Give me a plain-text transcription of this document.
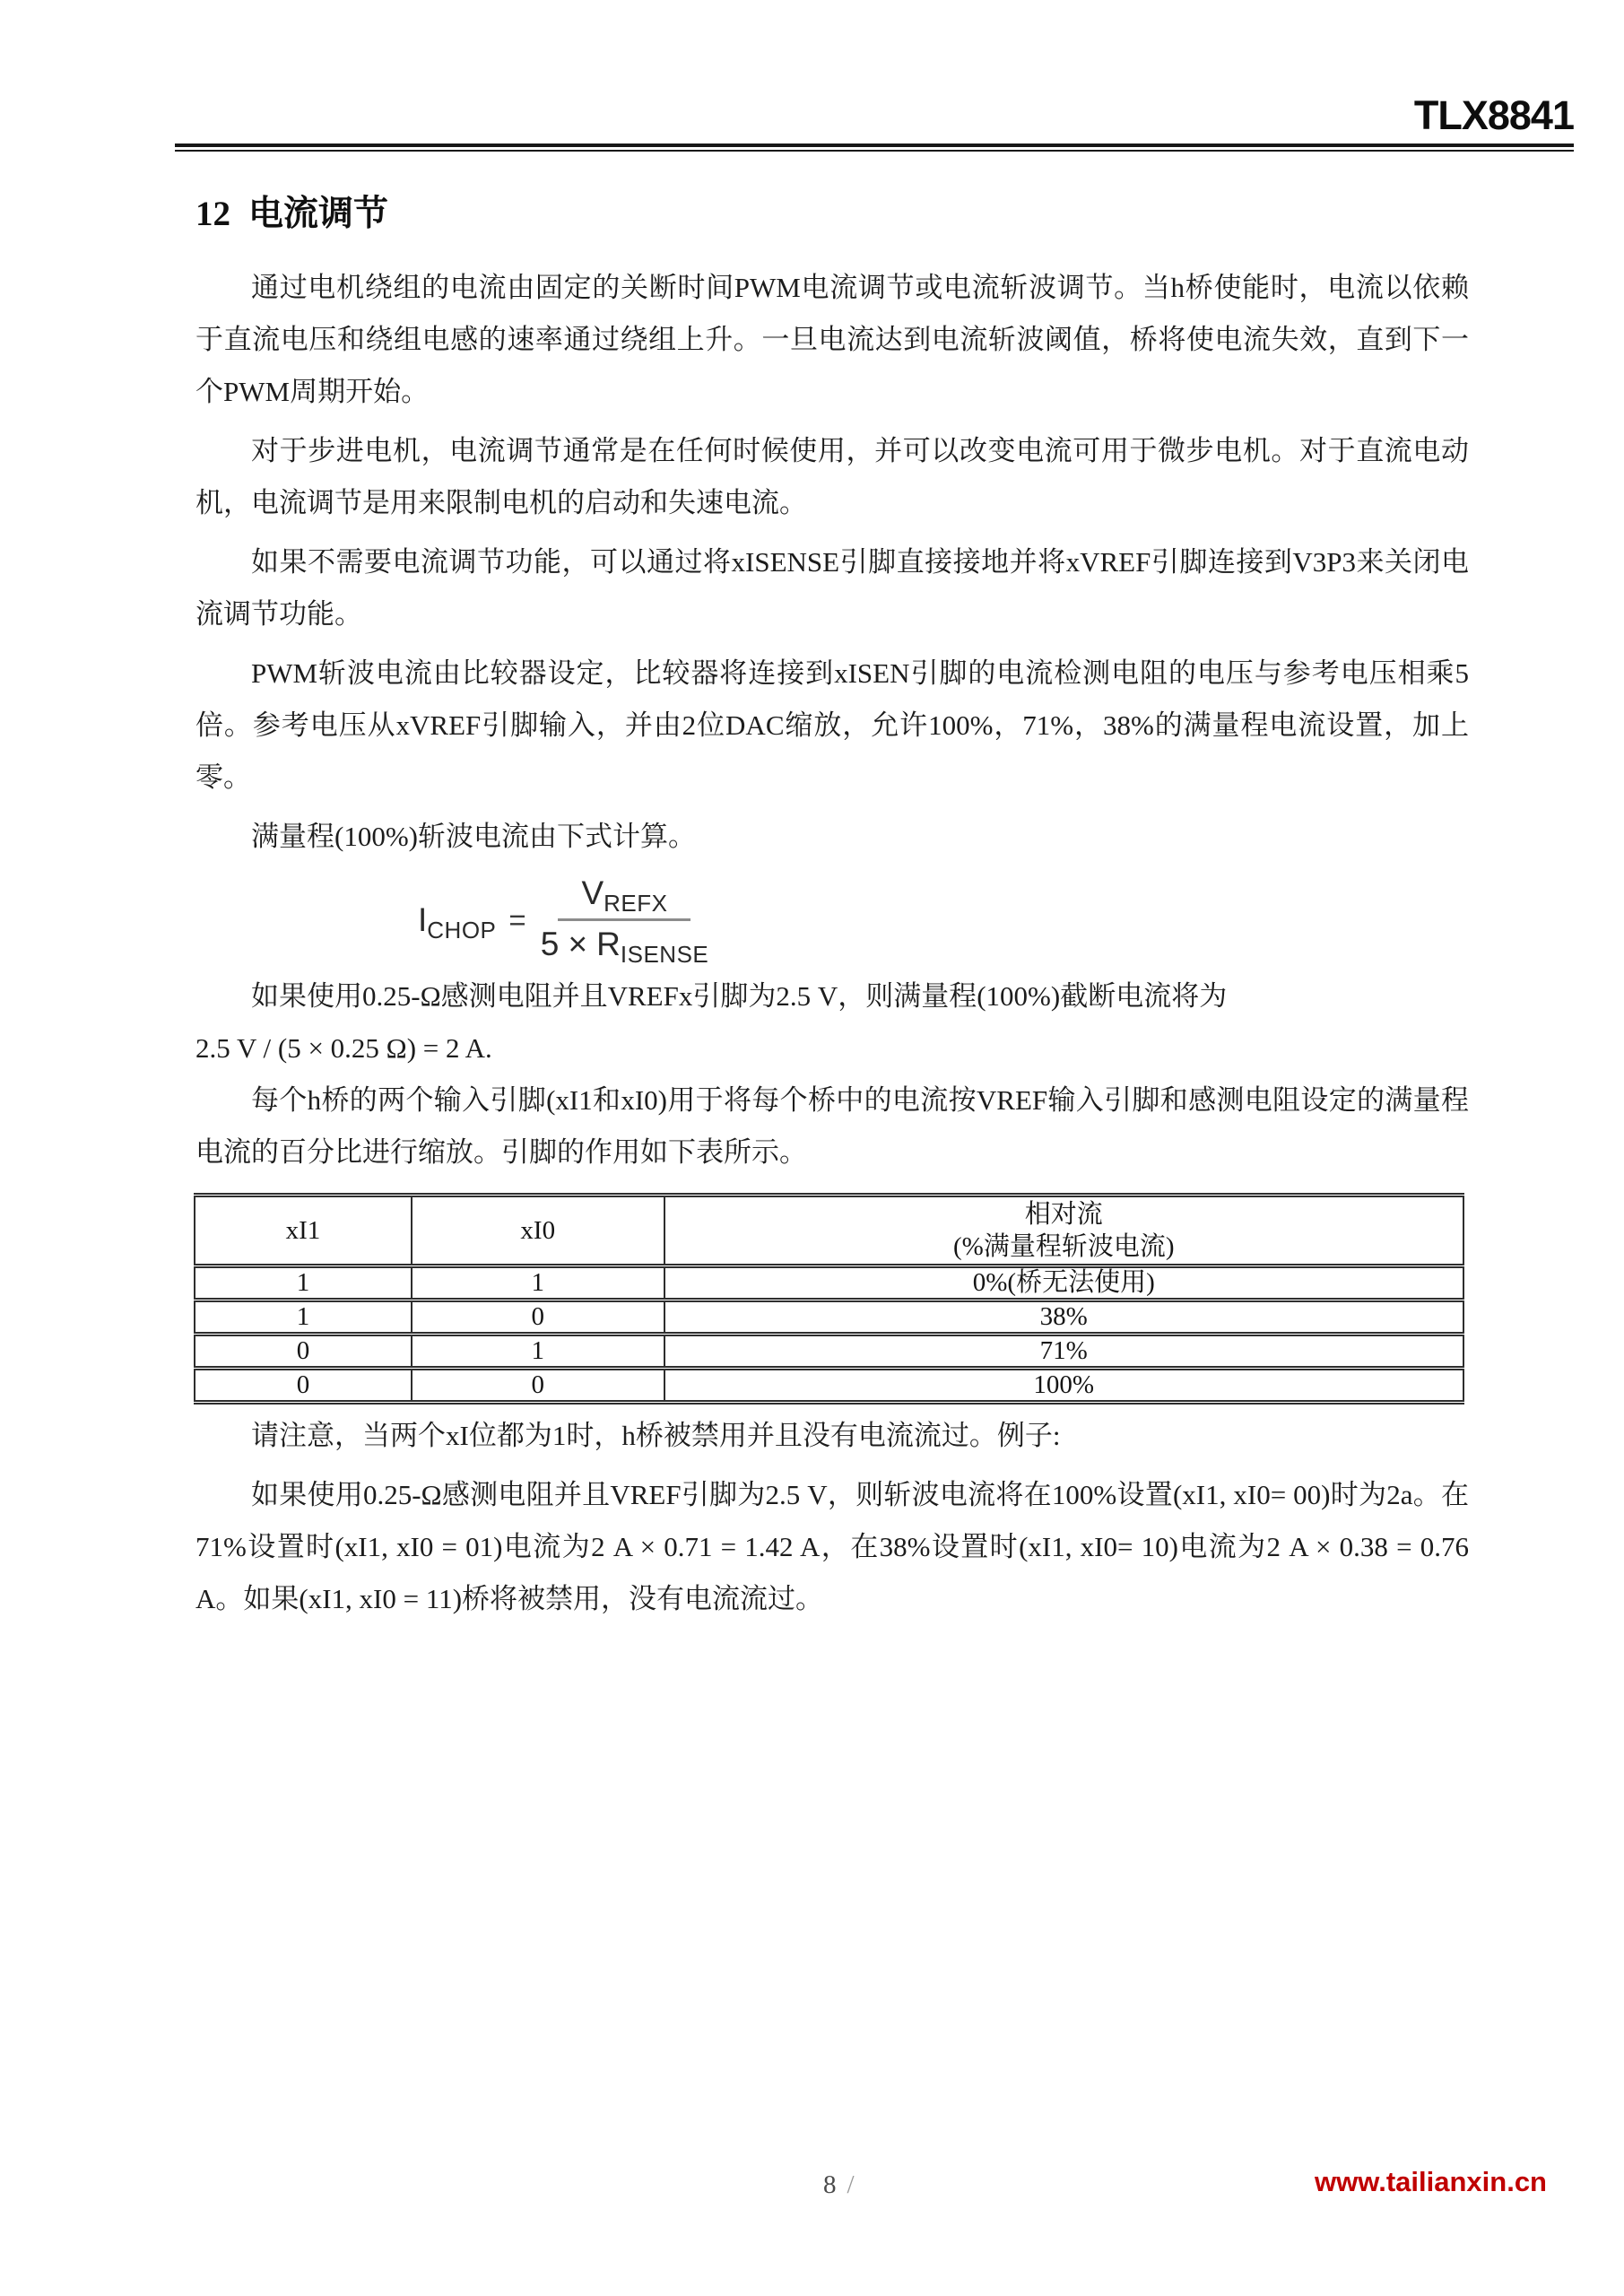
TLX8841
12 电流调节

通过电机绕组的电流由固定的关断时间PWM电流调节或电流斩波调节。当h桥使能时，电流以依赖于直流电压和绕组电感的速率通过绕组上升。一旦电流达到电流斩波阈值，桥将使电流失效，直到下一个PWM周期开始。

对于步进电机，电流调节通常是在任何时候使用，并可以改变电流可用于微步电机。对于直流电动机，电流调节是用来限制电机的启动和失速电流。

如果不需要电流调节功能，可以通过将xISENSE引脚直接接地并将xVREF引脚连接到V3P3来关闭电流调节功能。

PWM斩波电流由比较器设定，比较器将连接到xISEN引脚的电流检测电阻的电压与参考电压相乘5倍。参考电压从xVREF引脚输入，并由2位DAC缩放，允许100%，71%，38%的满量程电流设置，加上零。

满量程(100%)斩波电流由下式计算。

$I_{CHOP} = \frac{V_{REFX}}{5 \times R_{ISENSE}}$

如果使用0.25-Ω感测电阻并且VREFx引脚为2.5 V，则满量程(100%)截断电流将为

2.5 V / (5 × 0.25 Ω) = 2 A.

每个h桥的两个输入引脚(xI1和xI0)用于将每个桥中的电流按VREF输入引脚和感测电阻设定的满量程电流的百分比进行缩放。引脚的作用如下表所示。

xI1	xI0	相对流
(%满量程斩波电流)
1	1	0%(桥无法使用)
1	0	38%
0	1	71%
0	0	100%

请注意，当两个xI位都为1时，h桥被禁用并且没有电流流过。例子:

如果使用0.25-Ω感测电阻并且VREF引脚为2.5 V，则斩波电流将在100%设置(xI1, xI0= 00)时为2a。在71%设置时(xI1, xI0 = 01)电流为2 A × 0.71 = 1.42 A，在38%设置时(xI1, xI0= 10)电流为2 A × 0.38 = 0.76 A。如果(xI1, xI0 = 11)桥将被禁用，没有电流流过。

8 /	www.tailianxin.cn
